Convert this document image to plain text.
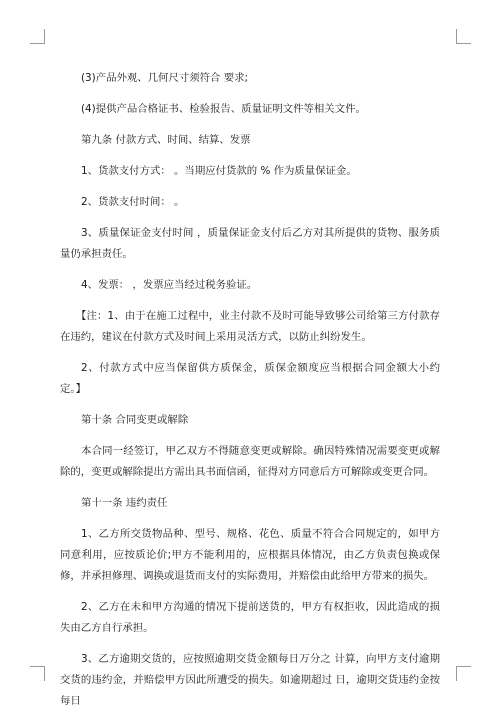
(3)产品外观、几何尺寸须符合 要求;

(4)提供产品合格证书、检验报告、质量证明文件等相关文件。

第九条 付款方式、时间、结算、发票

1、货款支付方式： 。当期应付货款的 % 作为质量保证金。

2、货款支付时间： 。

3、质量保证金支付时间 ，质量保证金支付后乙方对其所提供的货物、服务质量仍承担责任。

4、发票： ，发票应当经过税务验证。

【注：1、由于在施工过程中，业主付款不及时可能导致够公司给第三方付款存在违约，建议在付款方式及时间上采用灵活方式，以防止纠纷发生。

2、付款方式中应当保留供方质保金，质保金额度应当根据合同金额大小约定。】

第十条 合同变更或解除

本合同一经签订，甲乙双方不得随意变更或解除。确因特殊情况需要变更或解除的，变更或解除提出方需出具书面信函，征得对方同意后方可解除或变更合同。

第十一条 违约责任

1、乙方所交货物品种、型号、规格、花色、质量不符合合同规定的，如甲方同意利用，应按质论价;甲方不能利用的，应根据具体情况，由乙方负责包换或保修，并承担修理、调换或退货而支付的实际费用，并赔偿由此给甲方带来的损失。

2、乙方在未和甲方沟通的情况下提前送货的，甲方有权拒收，因此造成的损失由乙方自行承担。

3、乙方逾期交货的，应按照逾期交货金额每日万分之 计算，向甲方支付逾期交货的违约金，并赔偿甲方因此所遭受的损失。如逾期超过 日，逾期交货违约金按每日
